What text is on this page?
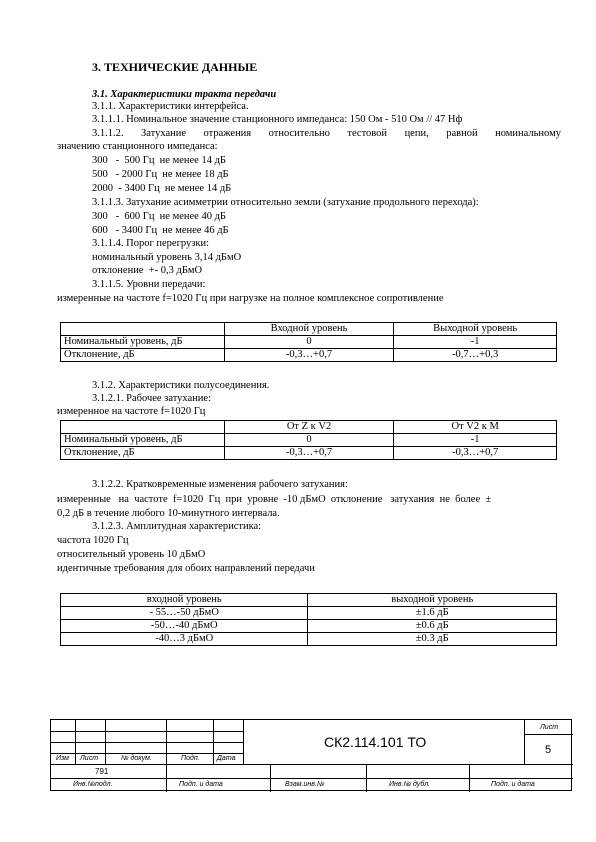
3. ТЕХНИЧЕСКИЕ ДАННЫЕ
3.1. Характеристики тракта передачи
3.1.1. Характеристики интерфейса.
3.1.1.1. Номинальное значение станционного импеданса: 150 Ом - 510 Ом // 47 Нф
3.1.1.2. Затухание отражения относительно тестовой цепи, равной номинальному
значению станционного импеданса:
300   -  500 Гц  не менее 14 дБ
500   - 2000 Гц  не менее 18 дБ
2000  - 3400 Гц  не менее 14 дБ
3.1.1.3. Затухание асимметрии относительно земли (затухание продольного перехода):
300   -  600 Гц  не менее 40 дБ
600   - 3400 Гц  не менее 46 дБ
3.1.1.4. Порог перегрузки:
номинальный уровень 3,14 дБмО
отклонение  +- 0,3 дБмО
3.1.1.5. Уровни передачи:
измеренные на частоте f=1020 Гц при нагрузке на полное комплексное сопротивление
	Входной уровень	Выходной уровень
Номинальный уровень, дБ	0	-1
Отклонение, дБ	-0,3…+0,7	-0,7…+0,3
3.1.2. Характеристики полусоединения.
3.1.2.1. Рабочее затухание:
измеренное на частоте f=1020 Гц
	От Z к V2	От V2 к M
Номинальный уровень, дБ	0	-1
Отклонение, дБ	-0,3…+0,7	-0,3…+0,7
3.1.2.2. Кратковременные изменения рабочего затухания:
измеренные   на  частоте  f=1020  Гц  при  уровне  -10 дБмО  отклонение   затухания  не  более  ±
0,2 дБ в течение любого 10-минутного интервала.
3.1.2.3. Амплитудная характеристика:
частота 1020 Гц
относительный уровень 10 дБмО
идентичные требования для обоих направлений передачи
входной уровень	выходной уровень
- 55…-50 дБмО	±1.6 дБ
-50…-40 дБмО	±0.6 дБ
-40…3 дБмО	±0.3 дБ
Изм Лист	№ докум.	Подп. Дата
СК2.114.101 ТО
Лист
5
791
Инв.№подл.	Подп. и дата	Взам.инв.№	Инв.№ дубл.	Подп. и дата
